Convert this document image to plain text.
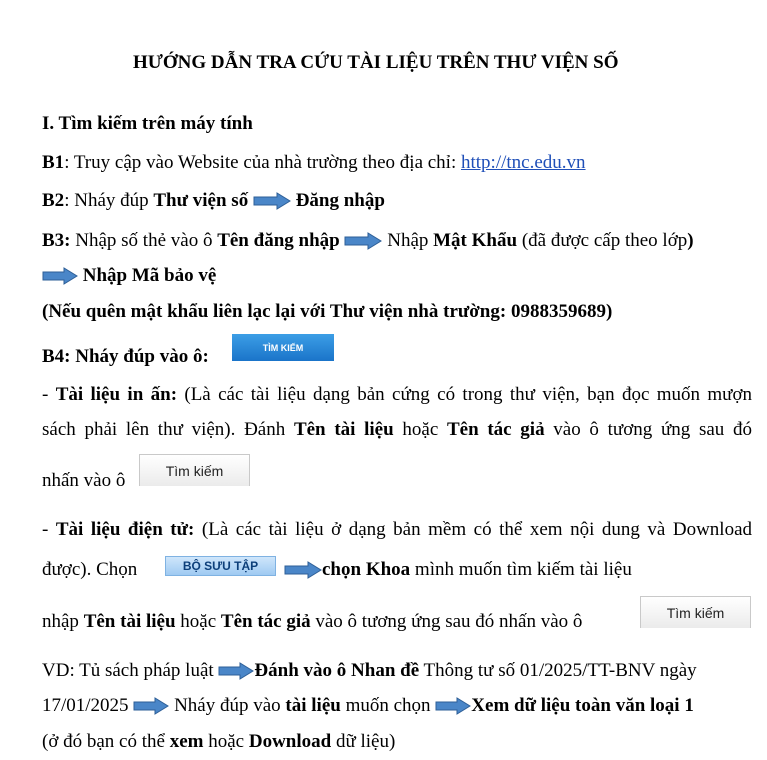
HƯỚNG DẪN TRA CỨU TÀI LIỆU TRÊN THƯ VIỆN SỐ
I. Tìm kiếm trên máy tính
B1: Truy cập vào Website của nhà trường theo địa chỉ: http://tnc.edu.vn
B2: Nháy đúp Thư viện số	Đăng nhập
B3: Nhập số thẻ vào ô Tên đăng nhập	Nhập Mật Khẩu (đã được cấp theo lớp)
Nhập Mã bảo vệ
(Nếu quên mật khẩu liên lạc lại với Thư viện nhà trường: 0988359689)
B4: Nháy đúp vào ô:	TÌM KIẾM
- Tài liệu in ấn: (Là các tài liệu dạng bản cứng có trong thư viện, bạn đọc muốn mượn
sách phải lên thư viện). Đánh Tên tài liệu hoặc Tên tác giả vào ô tương ứng sau đó
nhấn vào ô	Tìm kiếm
- Tài liệu điện tử: (Là các tài liệu ở dạng bản mềm có thể xem nội dung và Download
được). Chọn	BỘ SƯU TẬP	chọn Khoa mình muốn tìm kiếm tài liệu
nhập Tên tài liệu hoặc Tên tác giả vào ô tương ứng sau đó nhấn vào ô	Tìm kiếm
VD: Tủ sách pháp luật Đánh vào ô Nhan đề Thông tư số 01/2025/TT-BNV ngày
17/01/2025  Nháy đúp vào tài liệu muốn chọn Xem dữ liệu toàn văn loại 1
(ở đó bạn có thể xem hoặc Download dữ liệu)
